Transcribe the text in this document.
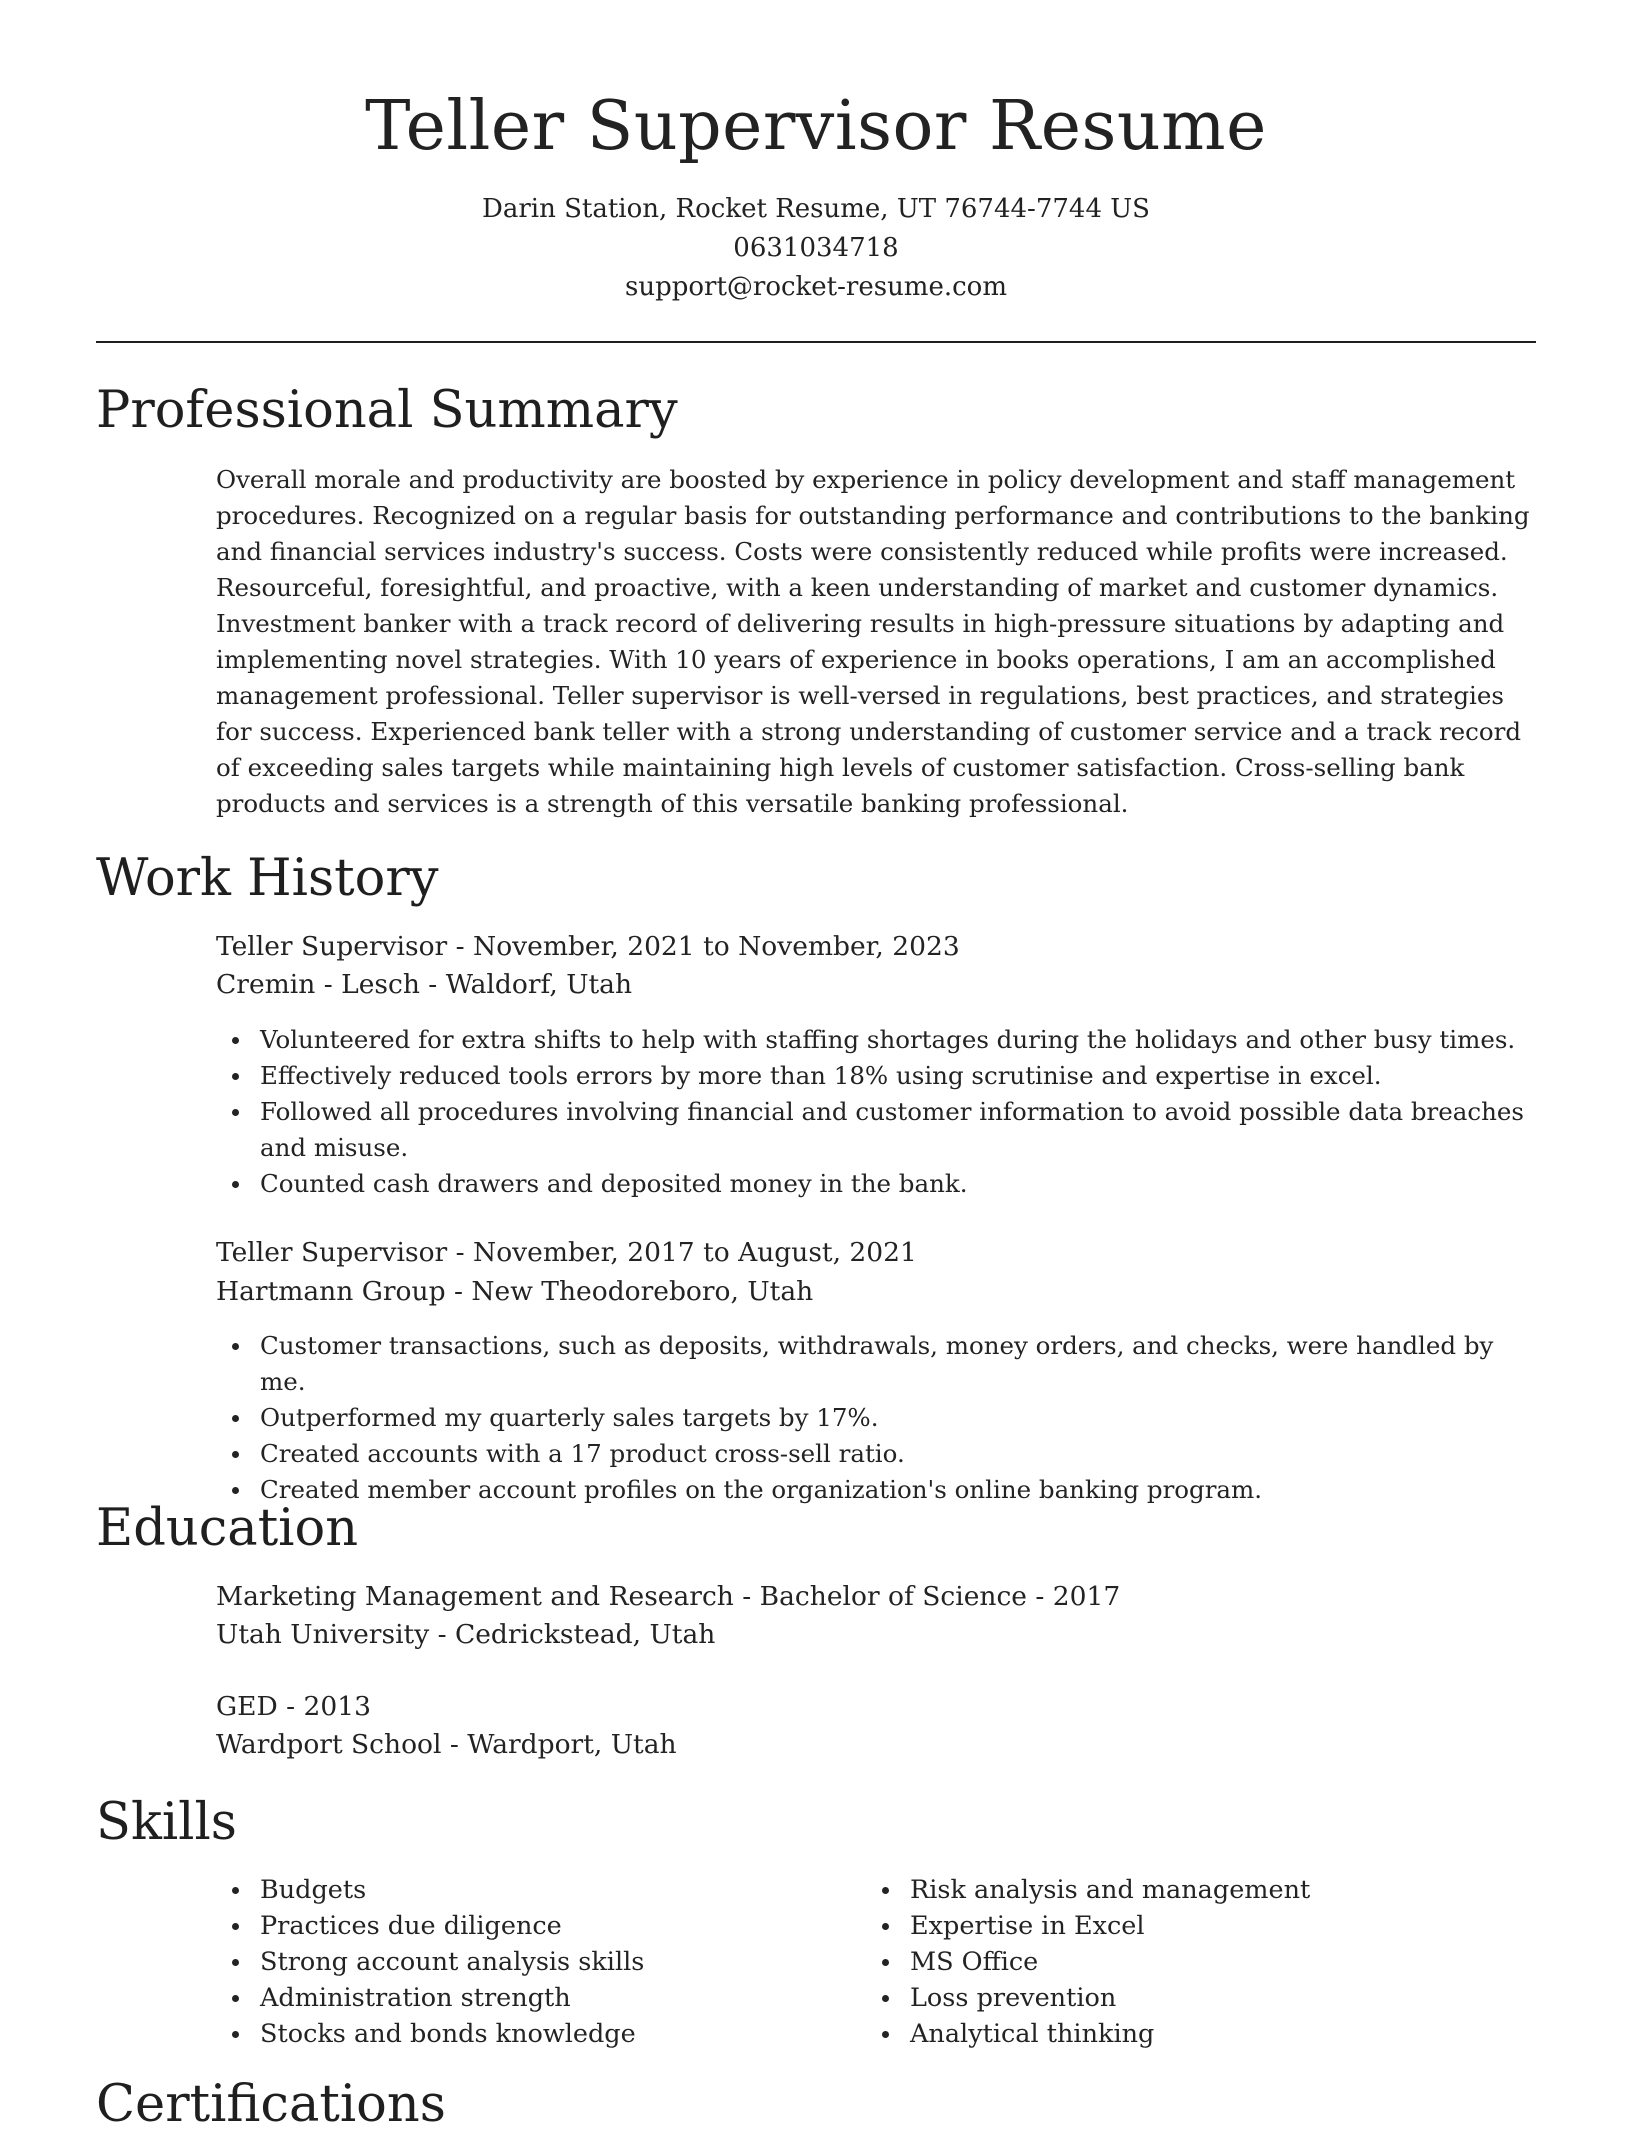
Teller Supervisor Resume
Darin Station, Rocket Resume, UT 76744-7744 US
0631034718
support@rocket-resume.com
Professional Summary

Overall morale and productivity are boosted by experience in policy development and staff management procedures. Recognized on a regular basis for outstanding performance and contributions to the banking and financial services industry's success. Costs were consistently reduced while profits were increased. Resourceful, foresightful, and proactive, with a keen understanding of market and customer dynamics. Investment banker with a track record of delivering results in high-pressure situations by adapting and implementing novel strategies. With 10 years of experience in books operations, I am an accomplished management professional. Teller supervisor is well-versed in regulations, best practices, and strategies for success. Experienced bank teller with a strong understanding of customer service and a track record of exceeding sales targets while maintaining high levels of customer satisfaction. Cross-selling bank products and services is a strength of this versatile banking professional.

Work History
Teller Supervisor - November, 2021 to November, 2023
Cremin - Lesch - Waldorf, Utah
Volunteered for extra shifts to help with staffing shortages during the holidays and other busy times.
Effectively reduced tools errors by more than 18% using scrutinise and expertise in excel.
Followed all procedures involving financial and customer information to avoid possible data breaches and misuse.
Counted cash drawers and deposited money in the bank.
Teller Supervisor - November, 2017 to August, 2021
Hartmann Group - New Theodoreboro, Utah
Customer transactions, such as deposits, withdrawals, money orders, and checks, were handled by me.
Outperformed my quarterly sales targets by 17%.
Created accounts with a 17 product cross-sell ratio.
Created member account profiles on the organization's online banking program.
Education
Marketing Management and Research - Bachelor of Science - 2017
Utah University - Cedrickstead, Utah
GED - 2013
Wardport School - Wardport, Utah
Skills
Budgets
Practices due diligence
Strong account analysis skills
Administration strength
Stocks and bonds knowledge
Risk analysis and management
Expertise in Excel
MS Office
Loss prevention
Analytical thinking
Certifications
